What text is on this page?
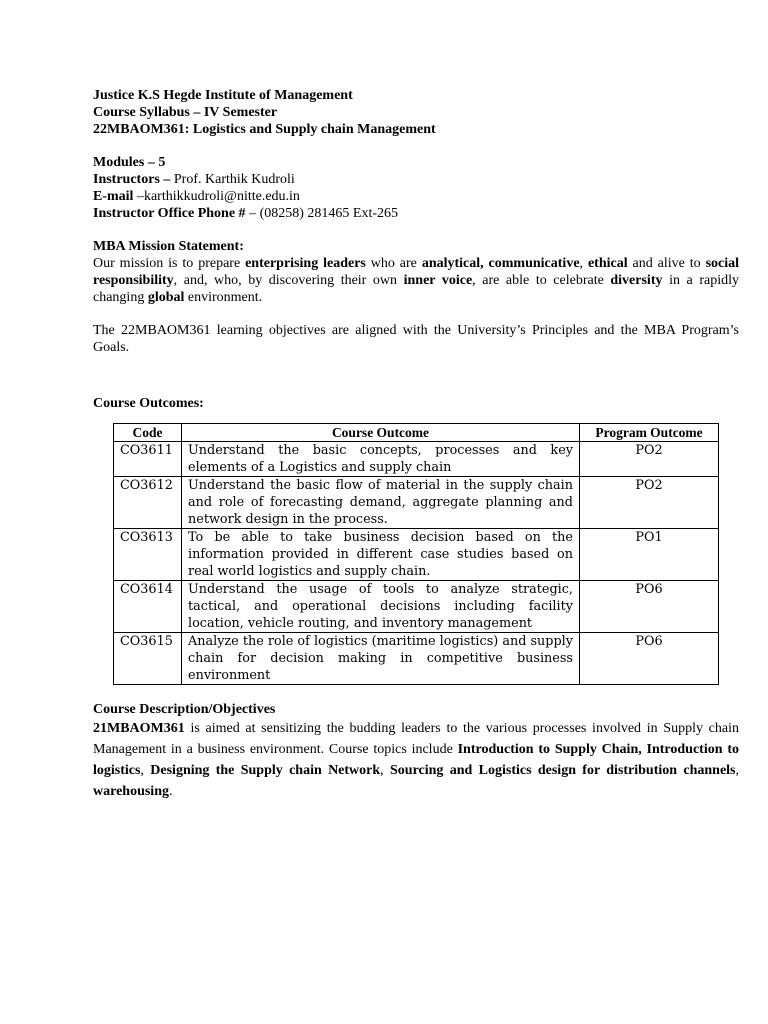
Justice K.S Hegde Institute of Management
Course Syllabus – IV Semester
22MBAOM361: Logistics and Supply chain Management
Modules – 5
Instructors – Prof. Karthik Kudroli
E-mail –karthikkudroli@nitte.edu.in
Instructor Office Phone # – (08258) 281465 Ext-265
MBA Mission Statement:
Our mission is to prepare enterprising leaders who are analytical, communicative, ethical and alive to social responsibility, and, who, by discovering their own inner voice, are able to celebrate diversity in a rapidly changing global environment.
The 22MBAOM361 learning objectives are aligned with the University’s Principles and the MBA Program’s Goals.
Course Outcomes:
Code	Course Outcome	Program Outcome
CO3611	Understand the basic concepts, processes and key elements of a Logistics and supply chain	PO2
CO3612	Understand the basic flow of material in the supply chain and role of forecasting demand, aggregate planning and network design in the process.	PO2
CO3613	To be able to take business decision based on the information provided in different case studies based on real world logistics and supply chain.	PO1
CO3614	Understand the usage of tools to analyze strategic, tactical, and operational decisions including facility location, vehicle routing, and inventory management	PO6
CO3615	Analyze the role of logistics (maritime logistics) and supply chain for decision making in competitive business environment	PO6
Course Description/Objectives
21MBAOM361 is aimed at sensitizing the budding leaders to the various processes involved in Supply chain Management in a business environment. Course topics include Introduction to Supply Chain, Introduction to logistics, Designing the Supply chain Network, Sourcing and Logistics design for distribution channels, warehousing.
